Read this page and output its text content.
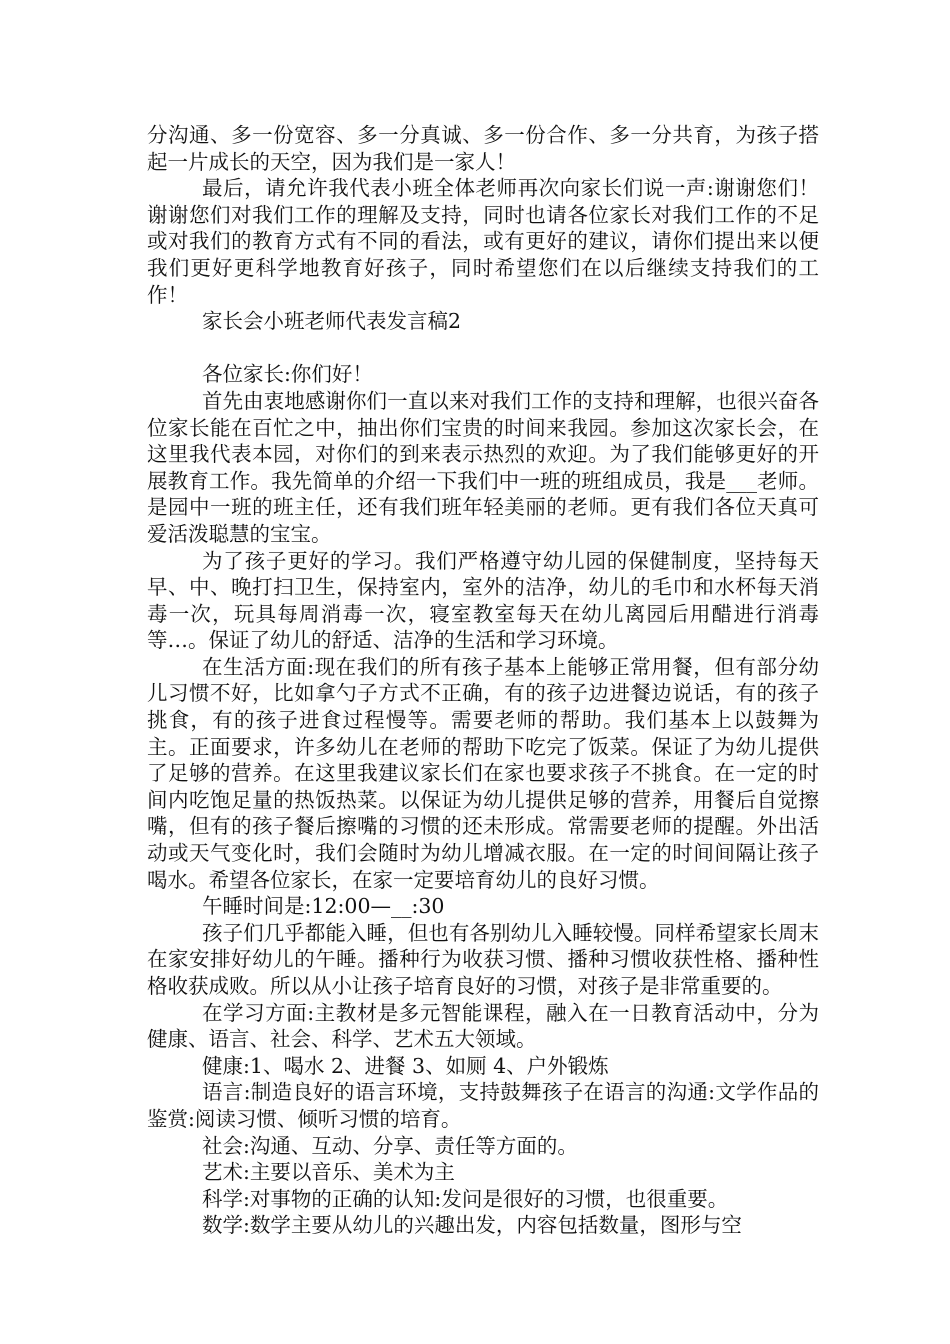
分沟通、多一份宽容、多一分真诚、多一份合作、多一分共育，为孩子搭起一片成长的天空，因为我们是一家人！

最后，请允许我代表小班全体老师再次向家长们说一声:谢谢您们！谢谢您们对我们工作的理解及支持，同时也请各位家长对我们工作的不足或对我们的教育方式有不同的看法，或有更好的建议，请你们提出来以便我们更好更科学地教育好孩子，同时希望您们在以后继续支持我们的工作！

家长会小班老师代表发言稿2

各位家长:你们好！

首先由衷地感谢你们一直以来对我们工作的支持和理解，也很兴奋各位家长能在百忙之中，抽出你们宝贵的时间来我园。参加这次家长会，在这里我代表本园，对你们的到来表示热烈的欢迎。为了我们能够更好的开展教育工作。我先简单的介绍一下我们中一班的班组成员，我是___老师。是园中一班的班主任，还有我们班年轻美丽的老师。更有我们各位天真可爱活泼聪慧的宝宝。

为了孩子更好的学习。我们严格遵守幼儿园的保健制度，坚持每天早、中、晚打扫卫生，保持室内，室外的洁净，幼儿的毛巾和水杯每天消毒一次，玩具每周消毒一次，寝室教室每天在幼儿离园后用醋进行消毒等…。保证了幼儿的舒适、洁净的生活和学习环境。

在生活方面:现在我们的所有孩子基本上能够正常用餐，但有部分幼儿习惯不好，比如拿勺子方式不正确，有的孩子边进餐边说话，有的孩子挑食，有的孩子进食过程慢等。需要老师的帮助。我们基本上以鼓舞为主。正面要求，许多幼儿在老师的帮助下吃完了饭菜。保证了为幼儿提供了足够的营养。在这里我建议家长们在家也要求孩子不挑食。在一定的时间内吃饱足量的热饭热菜。以保证为幼儿提供足够的营养，用餐后自觉擦嘴，但有的孩子餐后擦嘴的习惯的还未形成。常需要老师的提醒。外出活动或天气变化时，我们会随时为幼儿增减衣服。在一定的时间间隔让孩子喝水。希望各位家长，在家一定要培育幼儿的良好习惯。

午睡时间是:12:00—__:30

孩子们几乎都能入睡，但也有各别幼儿入睡较慢。同样希望家长周末在家安排好幼儿的午睡。播种行为收获习惯、播种习惯收获性格、播种性格收获成败。所以从小让孩子培育良好的习惯，对孩子是非常重要的。

在学习方面:主教材是多元智能课程，融入在一日教育活动中，分为健康、语言、社会、科学、艺术五大领域。

健康:1、喝水 2、进餐 3、如厕 4、户外锻炼

语言:制造良好的语言环境，支持鼓舞孩子在语言的沟通:文学作品的鉴赏:阅读习惯、倾听习惯的培育。

社会:沟通、互动、分享、责任等方面的。

艺术:主要以音乐、美术为主

科学:对事物的正确的认知:发问是很好的习惯，也很重要。

数学:数学主要从幼儿的兴趣出发，内容包括数量，图形与空
